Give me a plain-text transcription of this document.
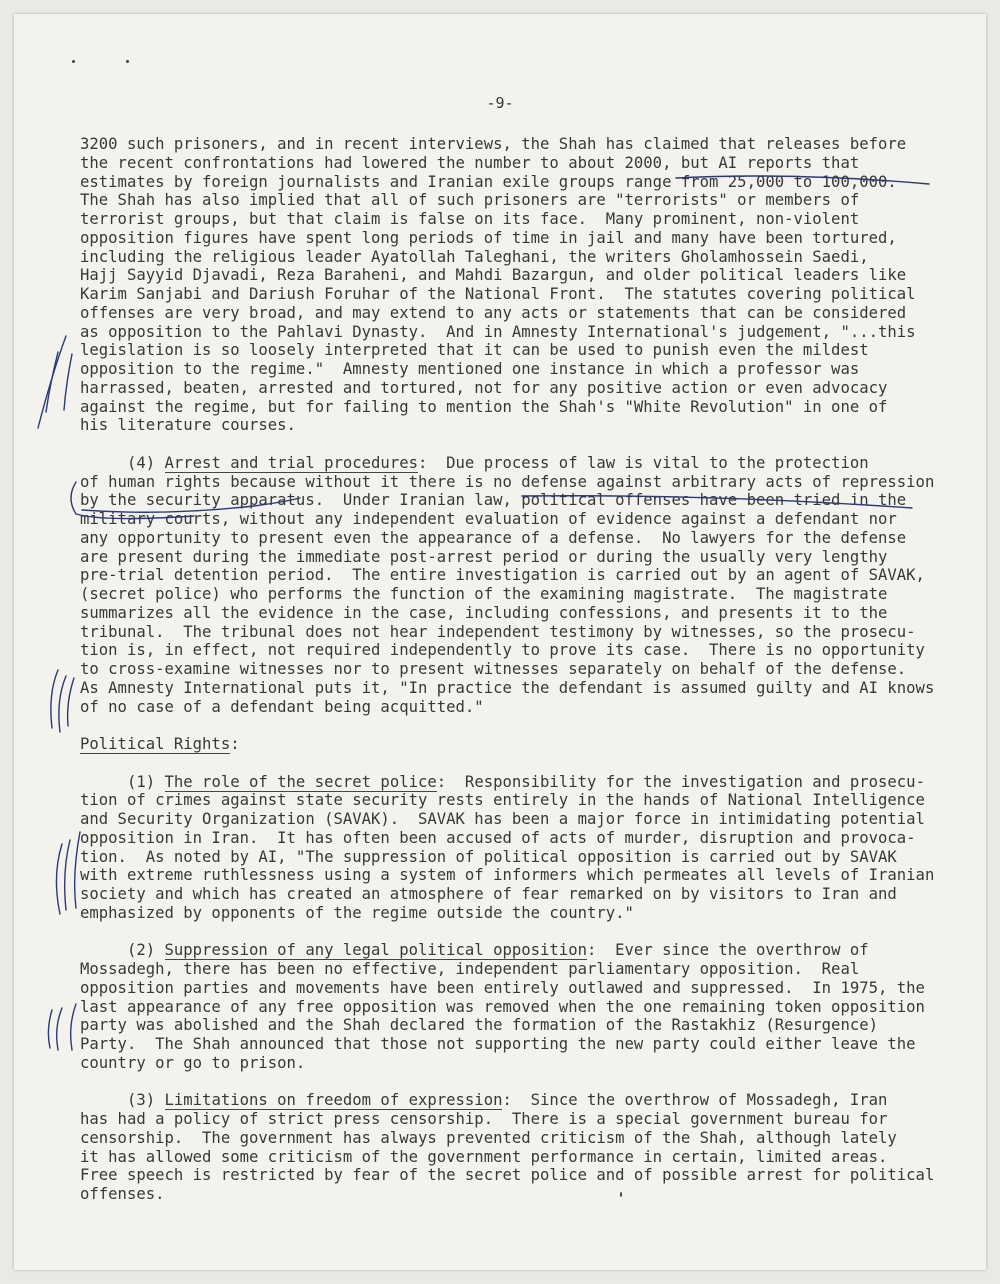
-9-
3200 such prisoners, and in recent interviews, the Shah has claimed that releases before
the recent confrontations had lowered the number to about 2000, but AI reports that
estimates by foreign journalists and Iranian exile groups range from 25,000 to 100,000.
The Shah has also implied that all of such prisoners are "terrorists" or members of
terrorist groups, but that claim is false on its face.  Many prominent, non-violent
opposition figures have spent long periods of time in jail and many have been tortured,
including the religious leader Ayatollah Taleghani, the writers Gholamhossein Saedi,
Hajj Sayyid Djavadi, Reza Baraheni, and Mahdi Bazargun, and older political leaders like
Karim Sanjabi and Dariush Foruhar of the National Front.  The statutes covering political
offenses are very broad, and may extend to any acts or statements that can be considered
as opposition to the Pahlavi Dynasty.  And in Amnesty International's judgement, "...this
legislation is so loosely interpreted that it can be used to punish even the mildest
opposition to the regime."  Amnesty mentioned one instance in which a professor was
harrassed, beaten, arrested and tortured, not for any positive action or even advocacy
against the regime, but for failing to mention the Shah's "White Revolution" in one of
his literature courses.
(4) Arrest and trial procedures:  Due process of law is vital to the protection
of human rights because without it there is no defense against arbitrary acts of repression
by the security apparatus.  Under Iranian law, political offenses have been tried in the
military courts, without any independent evaluation of evidence against a defendant nor
any opportunity to present even the appearance of a defense.  No lawyers for the defense
are present during the immediate post-arrest period or during the usually very lengthy
pre-trial detention period.  The entire investigation is carried out by an agent of SAVAK,
(secret police) who performs the function of the examining magistrate.  The magistrate
summarizes all the evidence in the case, including confessions, and presents it to the
tribunal.  The tribunal does not hear independent testimony by witnesses, so the prosecu-
tion is, in effect, not required independently to prove its case.  There is no opportunity
to cross-examine witnesses nor to present witnesses separately on behalf of the defense.
As Amnesty International puts it, "In practice the defendant is assumed guilty and AI knows
of no case of a defendant being acquitted."
Political Rights:
(1) The role of the secret police:  Responsibility for the investigation and prosecu-
tion of crimes against state security rests entirely in the hands of National Intelligence
and Security Organization (SAVAK).  SAVAK has been a major force in intimidating potential
opposition in Iran.  It has often been accused of acts of murder, disruption and provoca-
tion.  As noted by AI, "The suppression of political opposition is carried out by SAVAK
with extreme ruthlessness using a system of informers which permeates all levels of Iranian
society and which has created an atmosphere of fear remarked on by visitors to Iran and
emphasized by opponents of the regime outside the country."
(2) Suppression of any legal political opposition:  Ever since the overthrow of
Mossadegh, there has been no effective, independent parliamentary opposition.  Real
opposition parties and movements have been entirely outlawed and suppressed.  In 1975, the
last appearance of any free opposition was removed when the one remaining token opposition
party was abolished and the Shah declared the formation of the Rastakhiz (Resurgence)
Party.  The Shah announced that those not supporting the new party could either leave the
country or go to prison.
(3) Limitations on freedom of expression:  Since the overthrow of Mossadegh, Iran
has had a policy of strict press censorship.  There is a special government bureau for
censorship.  The government has always prevented criticism of the Shah, although lately
it has allowed some criticism of the government performance in certain, limited areas.
Free speech is restricted by fear of the secret police and of possible arrest for political
offenses.
